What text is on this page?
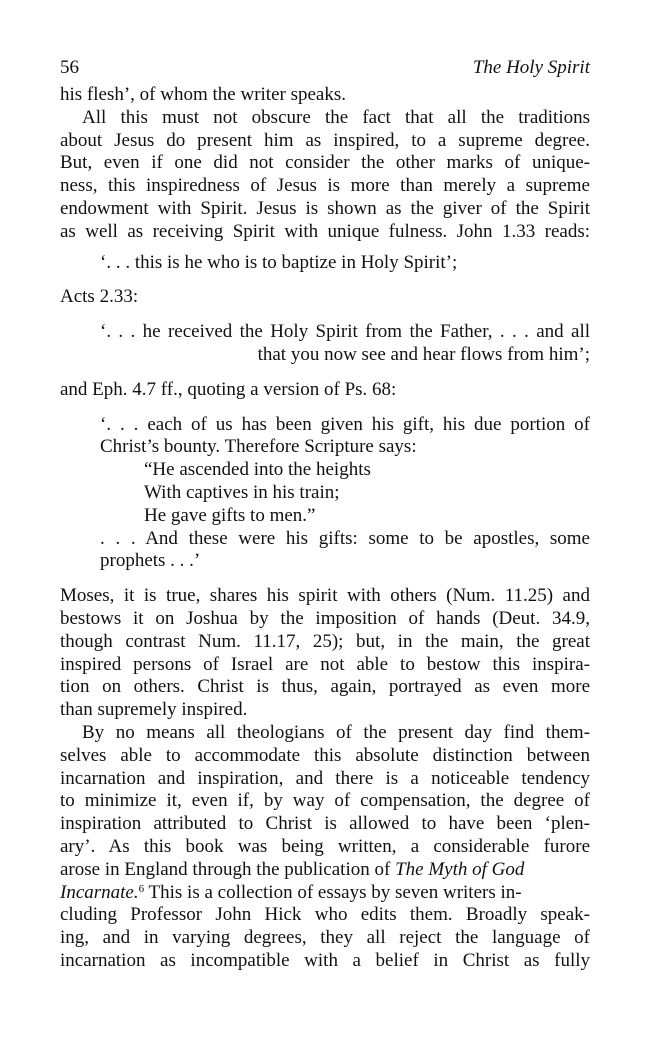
56	The Holy Spirit
his flesh’, of whom the writer speaks.
All this must not obscure the fact that all the traditions
about Jesus do present him as inspired, to a supreme degree.
But, even if one did not consider the other marks of unique-
ness, this inspiredness of Jesus is more than merely a supreme
endowment with Spirit. Jesus is shown as the giver of the Spirit
as well as receiving Spirit with unique fulness. John 1.33 reads:
‘. . . this is he who is to baptize in Holy Spirit’;
Acts 2.33:
‘. . . he received the Holy Spirit from the Father, . . . and all
that you now see and hear flows from him’;
and Eph. 4.7 ff., quoting a version of Ps. 68:
‘. . . each of us has been given his gift, his due portion of
Christ’s bounty. Therefore Scripture says:
“He ascended into the heights
With captives in his train;
He gave gifts to men.”
. . . And these were his gifts: some to be apostles, some
prophets . . .’
Moses, it is true, shares his spirit with others (Num. 11.25) and
bestows it on Joshua by the imposition of hands (Deut. 34.9,
though contrast Num. 11.17, 25); but, in the main, the great
inspired persons of Israel are not able to bestow this inspira-
tion on others. Christ is thus, again, portrayed as even more
than supremely inspired.
By no means all theologians of the present day find them-
selves able to accommodate this absolute distinction between
incarnation and inspiration, and there is a noticeable tendency
to minimize it, even if, by way of compensation, the degree of
inspiration attributed to Christ is allowed to have been ‘plen-
ary’. As this book was being written, a considerable furore
arose in England through the publication of The Myth of God
Incarnate.$^6$ This is a collection of essays by seven writers in-
cluding Professor John Hick who edits them. Broadly speak-
ing, and in varying degrees, they all reject the language of
incarnation as incompatible with a belief in Christ as fully
